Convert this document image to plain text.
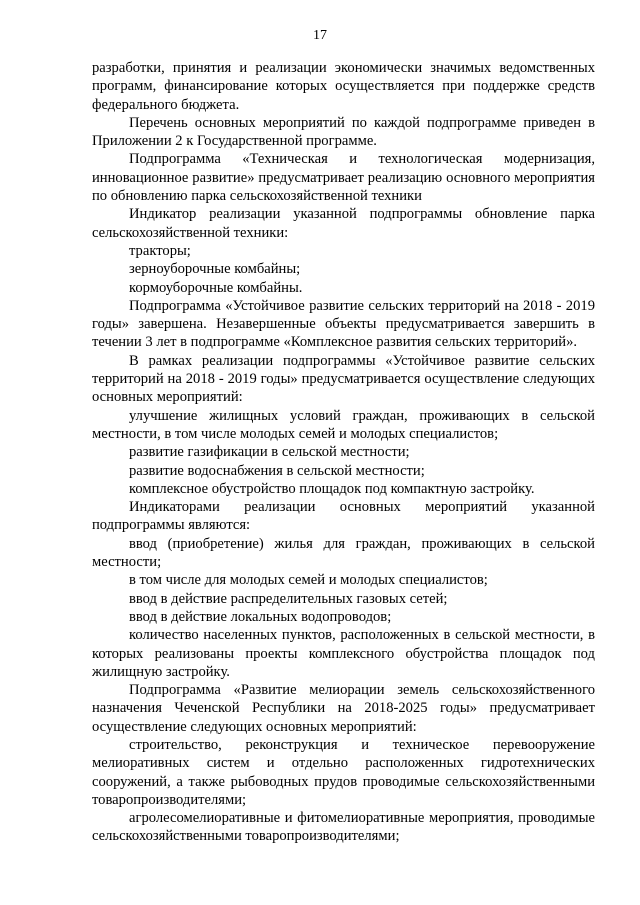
17

разработки, принятия и реализации экономически значимых ведомственных программ, финансирование которых осуществляется при поддержке средств федерального бюджета.

Перечень основных мероприятий по каждой подпрограмме приведен в Приложении 2 к Государственной программе.

Подпрограмма «Техническая и технологическая модернизация, инновационное развитие» предусматривает реализацию основного мероприятия по обновлению парка сельскохозяйственной техники

Индикатор реализации указанной подпрограммы обновление парка сельскохозяйственной техники:

тракторы;

зерноуборочные комбайны;

кормоуборочные комбайны.

Подпрограмма «Устойчивое развитие сельских территорий на 2018 - 2019 годы» завершена. Незавершенные объекты предусматривается завершить в течении 3 лет в подпрограмме «Комплексное развития сельских территорий».

В рамках реализации подпрограммы «Устойчивое развитие сельских территорий на 2018 - 2019 годы» предусматривается осуществление следующих основных мероприятий:

улучшение жилищных условий граждан, проживающих в сельской местности, в том числе молодых семей и молодых специалистов;

развитие газификации в сельской местности;

развитие водоснабжения в сельской местности;

комплексное обустройство площадок под компактную застройку.

Индикаторами реализации основных мероприятий указанной подпрограммы являются:

ввод (приобретение) жилья для граждан, проживающих в сельской местности;

в том числе для молодых семей и молодых специалистов;

ввод в действие распределительных газовых сетей;

ввод в действие локальных водопроводов;

количество населенных пунктов, расположенных в сельской местности, в которых реализованы проекты комплексного обустройства площадок под жилищную застройку.

Подпрограмма «Развитие мелиорации земель сельскохозяйственного назначения Чеченской Республики на 2018-2025 годы» предусматривает осуществление следующих основных мероприятий:

строительство, реконструкция и техническое перевооружение мелиоративных систем и отдельно расположенных гидротехнических сооружений, а также рыбоводных прудов проводимые сельскохозяйственными товаропроизводителями;

агролесомелиоративные и фитомелиоративные мероприятия, проводимые сельскохозяйственными товаропроизводителями;
